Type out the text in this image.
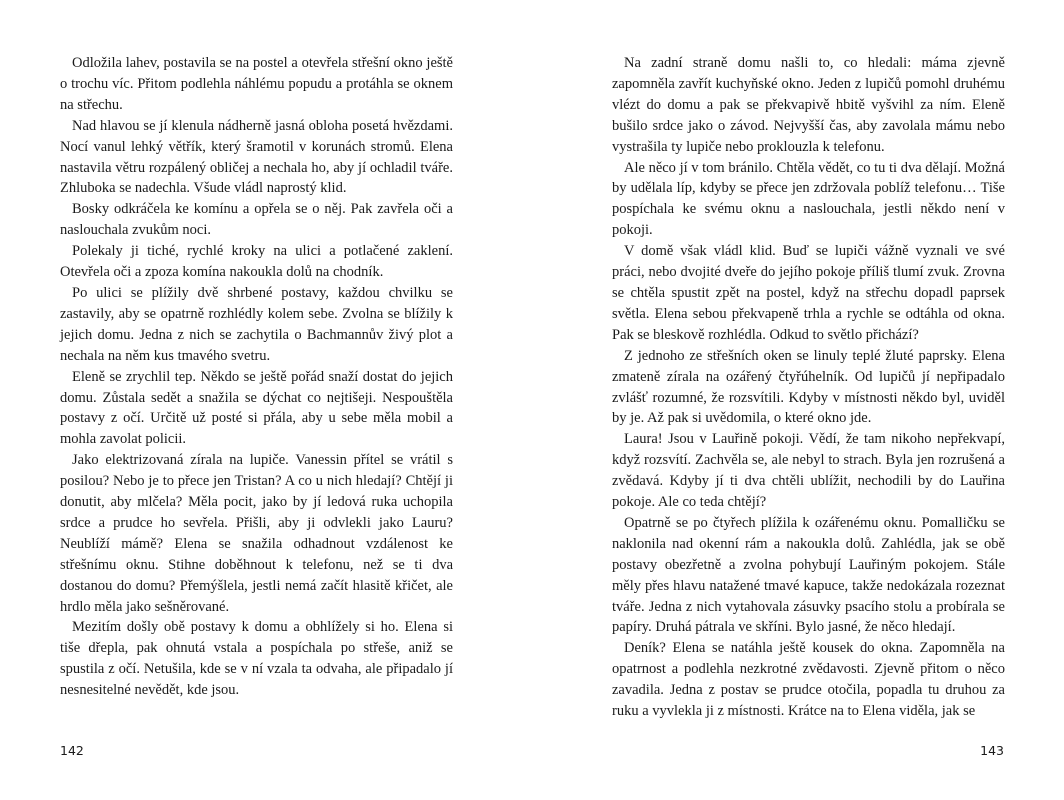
Odložila lahev, postavila se na postel a otevřela střešní okno ještě o trochu víc. Přitom podlehla náhlému popudu a protáhla se oknem na střechu.

Nad hlavou se jí klenula nádherně jasná obloha posetá hvězdami. Nocí vanul lehký větřík, který šramotil v korunách stromů. Elena nastavila větru rozpálený obličej a nechala ho, aby jí ochladil tváře. Zhluboka se nadechla. Všude vládl naprostý klid.

Bosky odkráčela ke komínu a opřela se o něj. Pak zavřela oči a naslouchala zvukům noci.

Polekaly ji tiché, rychlé kroky na ulici a potlačené zaklení. Otevřela oči a zpoza komína nakoukla dolů na chodník.

Po ulici se plížily dvě shrbené postavy, každou chvilku se zastavily, aby se opatrně rozhlédly kolem sebe. Zvolna se blížily k jejich domu. Jedna z nich se zachytila o Bachmannův živý plot a nechala na něm kus tmavého svetru.

Eleně se zrychlil tep. Někdo se ještě pořád snaží dostat do jejich domu. Zůstala sedět a snažila se dýchat co nejtišeji. Nespouštěla postavy z očí. Určitě už posté si přála, aby u sebe měla mobil a mohla zavolat policii.

Jako elektrizovaná zírala na lupiče. Vanessin přítel se vrátil s posilou? Nebo je to přece jen Tristan? A co u nich hledají? Chtějí ji donutit, aby mlčela? Měla pocit, jako by jí ledová ruka uchopila srdce a prudce ho sevřela. Přišli, aby ji odvlekli jako Lauru? Neublíží mámě? Elena se snažila odhadnout vzdálenost ke střešnímu oknu. Stihne doběhnout k telefonu, než se ti dva dostanou do domu? Přemýšlela, jestli nemá začít hlasitě křičet, ale hrdlo měla jako sešněrované.

Mezitím došly obě postavy k domu a obhlížely si ho. Elena si tiše dřepla, pak ohnutá vstala a pospíchala po střeše, aniž se spustila z očí. Netušila, kde se v ní vzala ta odvaha, ale připadalo jí nesnesitelné nevědět, kde jsou.

142

Na zadní straně domu našli to, co hledali: máma zjevně zapomněla zavřít kuchyňské okno. Jeden z lupičů pomohl druhému vlézt do domu a pak se překvapivě hbitě vyšvihl za ním. Eleně bušilo srdce jako o závod. Nejvyšší čas, aby zavolala mámu nebo vystrašila ty lupiče nebo proklouzla k telefonu.

Ale něco jí v tom bránilo. Chtěla vědět, co tu ti dva dělají. Možná by udělala líp, kdyby se přece jen zdržovala poblíž telefonu… Tiše pospíchala ke svému oknu a naslouchala, jestli někdo není v pokoji.

V domě však vládl klid. Buď se lupiči vážně vyznali ve své práci, nebo dvojité dveře do jejího pokoje příliš tlumí zvuk. Zrovna se chtěla spustit zpět na postel, když na střechu dopadl paprsek světla. Elena sebou překvapeně trhla a rychle se odtáhla od okna. Pak se bleskově rozhlédla. Odkud to světlo přichází?

Z jednoho ze střešních oken se linuly teplé žluté paprsky. Elena zmateně zírala na ozářený čtyřúhelník. Od lupičů jí nepřipadalo zvlášť rozumné, že rozsvítili. Kdyby v místnosti někdo byl, uviděl by je. Až pak si uvědomila, o které okno jde.

Laura! Jsou v Lauřině pokoji. Vědí, že tam nikoho nepřekvapí, když rozsvítí. Zachvěla se, ale nebyl to strach. Byla jen rozrušená a zvědavá. Kdyby jí ti dva chtěli ublížit, nechodili by do Lauřina pokoje. Ale co teda chtějí?

Opatrně se po čtyřech plížila k ozářenému oknu. Pomalličku se naklonila nad okenní rám a nakoukla dolů. Zahlédla, jak se obě postavy obezřetně a zvolna pohybují Lauřiným pokojem. Stále měly přes hlavu natažené tmavé kapuce, takže nedokázala rozeznat tváře. Jedna z nich vytahovala zásuvky psacího stolu a probírala se papíry. Druhá pátrala ve skříni. Bylo jasné, že něco hledají.

Deník? Elena se natáhla ještě kousek do okna. Zapomněla na opatrnost a podlehla nezkrotné zvědavosti. Zjevně přitom o něco zavadila. Jedna z postav se prudce otočila, popadla tu druhou za ruku a vyvlekla ji z místnosti. Krátce na to Elena viděla, jak se

143
